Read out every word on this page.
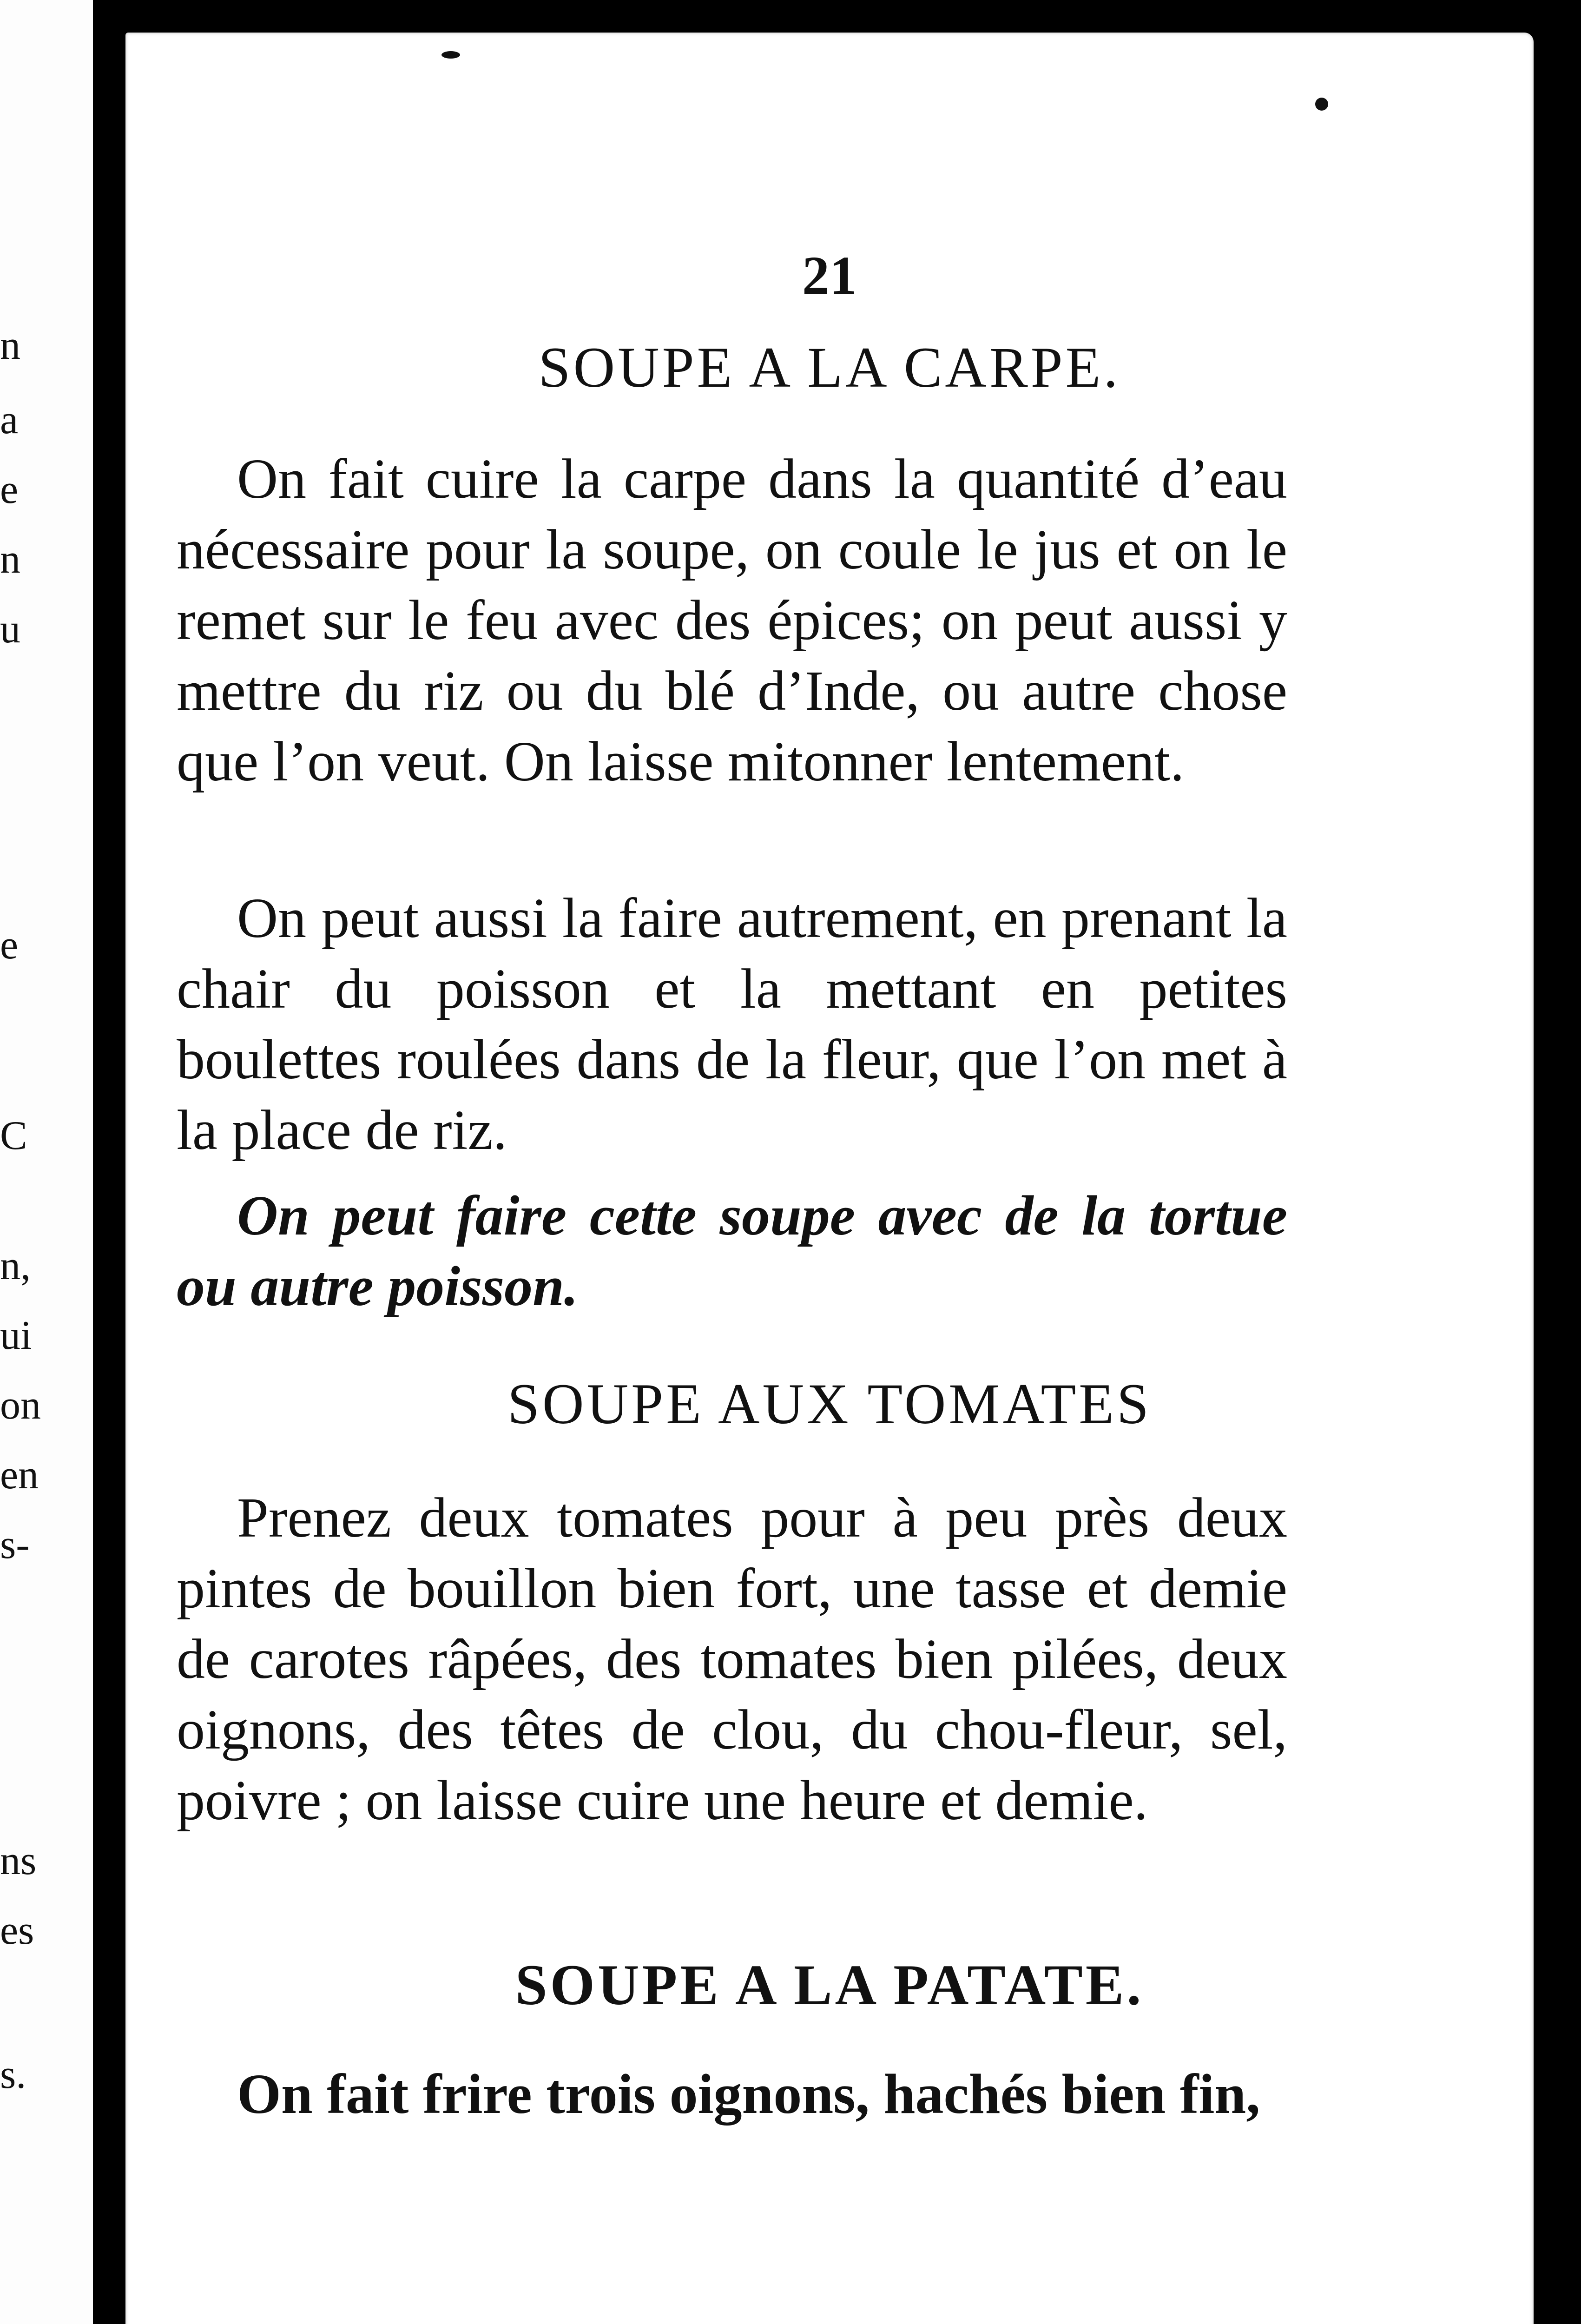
n
a
e
n
u
e
C
n,
ui
on
en
s-
ns
es
s.
21
SOUPE A LA CARPE.

On fait cuire la carpe dans la quantité d’eau nécessaire pour la soupe, on coule le jus et on le remet sur le feu avec des épices; on peut aussi y mettre du riz ou du blé d’Inde, ou autre chose que l’on veut. On laisse mitonner lentement.

On peut aussi la faire autrement, en prenant la chair du poisson et la mettant en petites boulettes roulées dans de la fleur, que l’on met à la place de riz.

On peut faire cette soupe avec de la tortue ou autre poisson.

SOUPE AUX TOMATES

Prenez deux tomates pour à peu près deux pintes de bouillon bien fort, une tasse et demie de carotes râpées, des tomates bien pilées, deux oignons, des têtes de clou, du chou-fleur, sel, poivre ; on laisse cuire une heure et demie.

SOUPE A LA PATATE.

On fait frire trois oignons, hachés bien fin,
